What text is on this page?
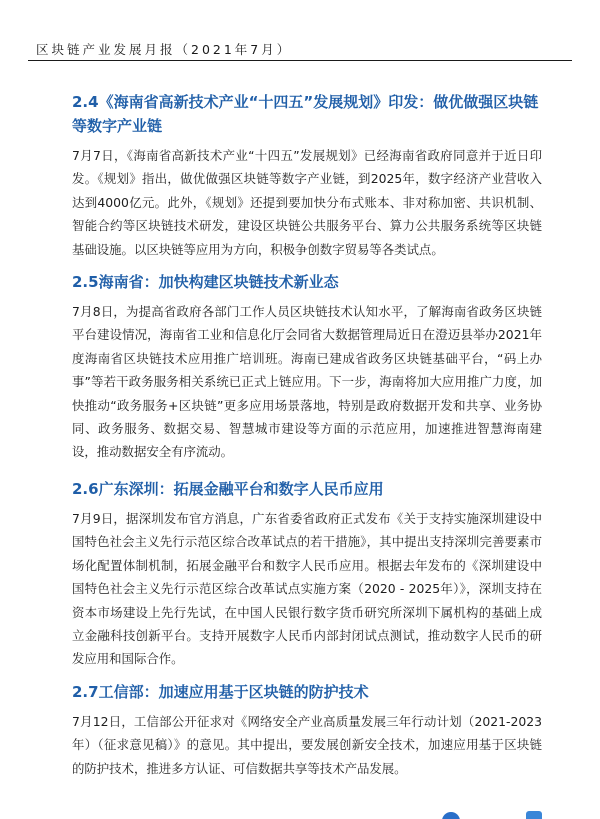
区块链产业发展月报（2021年7月）
2.4《海南省高新技术产业“十四五”发展规划》印发：做优做强区块链等数字产业链

7月7日，《海南省高新技术产业“十四五”发展规划》已经海南省政府同意并于近日印发。《规划》指出，做优做强区块链等数字产业链，到2025年，数字经济产业营收入达到4000亿元。此外，《规划》还提到要加快分布式账本、非对称加密、共识机制、智能合约等区块链技术研发，建设区块链公共服务平台、算力公共服务系统等区块链基础设施。以区块链等应用为方向，积极争创数字贸易等各类试点。

2.5海南省：加快构建区块链技术新业态

7月8日，为提高省政府各部门工作人员区块链技术认知水平，了解海南省政务区块链平台建设情况，海南省工业和信息化厅会同省大数据管理局近日在澄迈县举办2021年度海南省区块链技术应用推广培训班。海南已建成省政务区块链基础平台，“码上办事”等若干政务服务相关系统已正式上链应用。下一步，海南将加大应用推广力度，加快推动“政务服务+区块链”更多应用场景落地，特别是政府数据开发和共享、业务协同、政务服务、数据交易、智慧城市建设等方面的示范应用，加速推进智慧海南建设，推动数据安全有序流动。

2.6广东深圳：拓展金融平台和数字人民币应用

7月9日，据深圳发布官方消息，广东省委省政府正式发布《关于支持实施深圳建设中国特色社会主义先行示范区综合改革试点的若干措施》，其中提出支持深圳完善要素市场化配置体制机制，拓展金融平台和数字人民币应用。根据去年发布的《深圳建设中国特色社会主义先行示范区综合改革试点实施方案（2020 - 2025年）》，深圳支持在资本市场建设上先行先试，在中国人民银行数字货币研究所深圳下属机构的基础上成立金融科技创新平台。支持开展数字人民币内部封闭试点测试，推动数字人民币的研发应用和国际合作。

2.7工信部：加速应用基于区块链的防护技术

7月12日，工信部公开征求对《网络安全产业高质量发展三年行动计划（2021-2023年）（征求意见稿）》的意见。其中提出，要发展创新安全技术，加速应用基于区块链的防护技术，推进多方认证、可信数据共享等技术产品发展。
